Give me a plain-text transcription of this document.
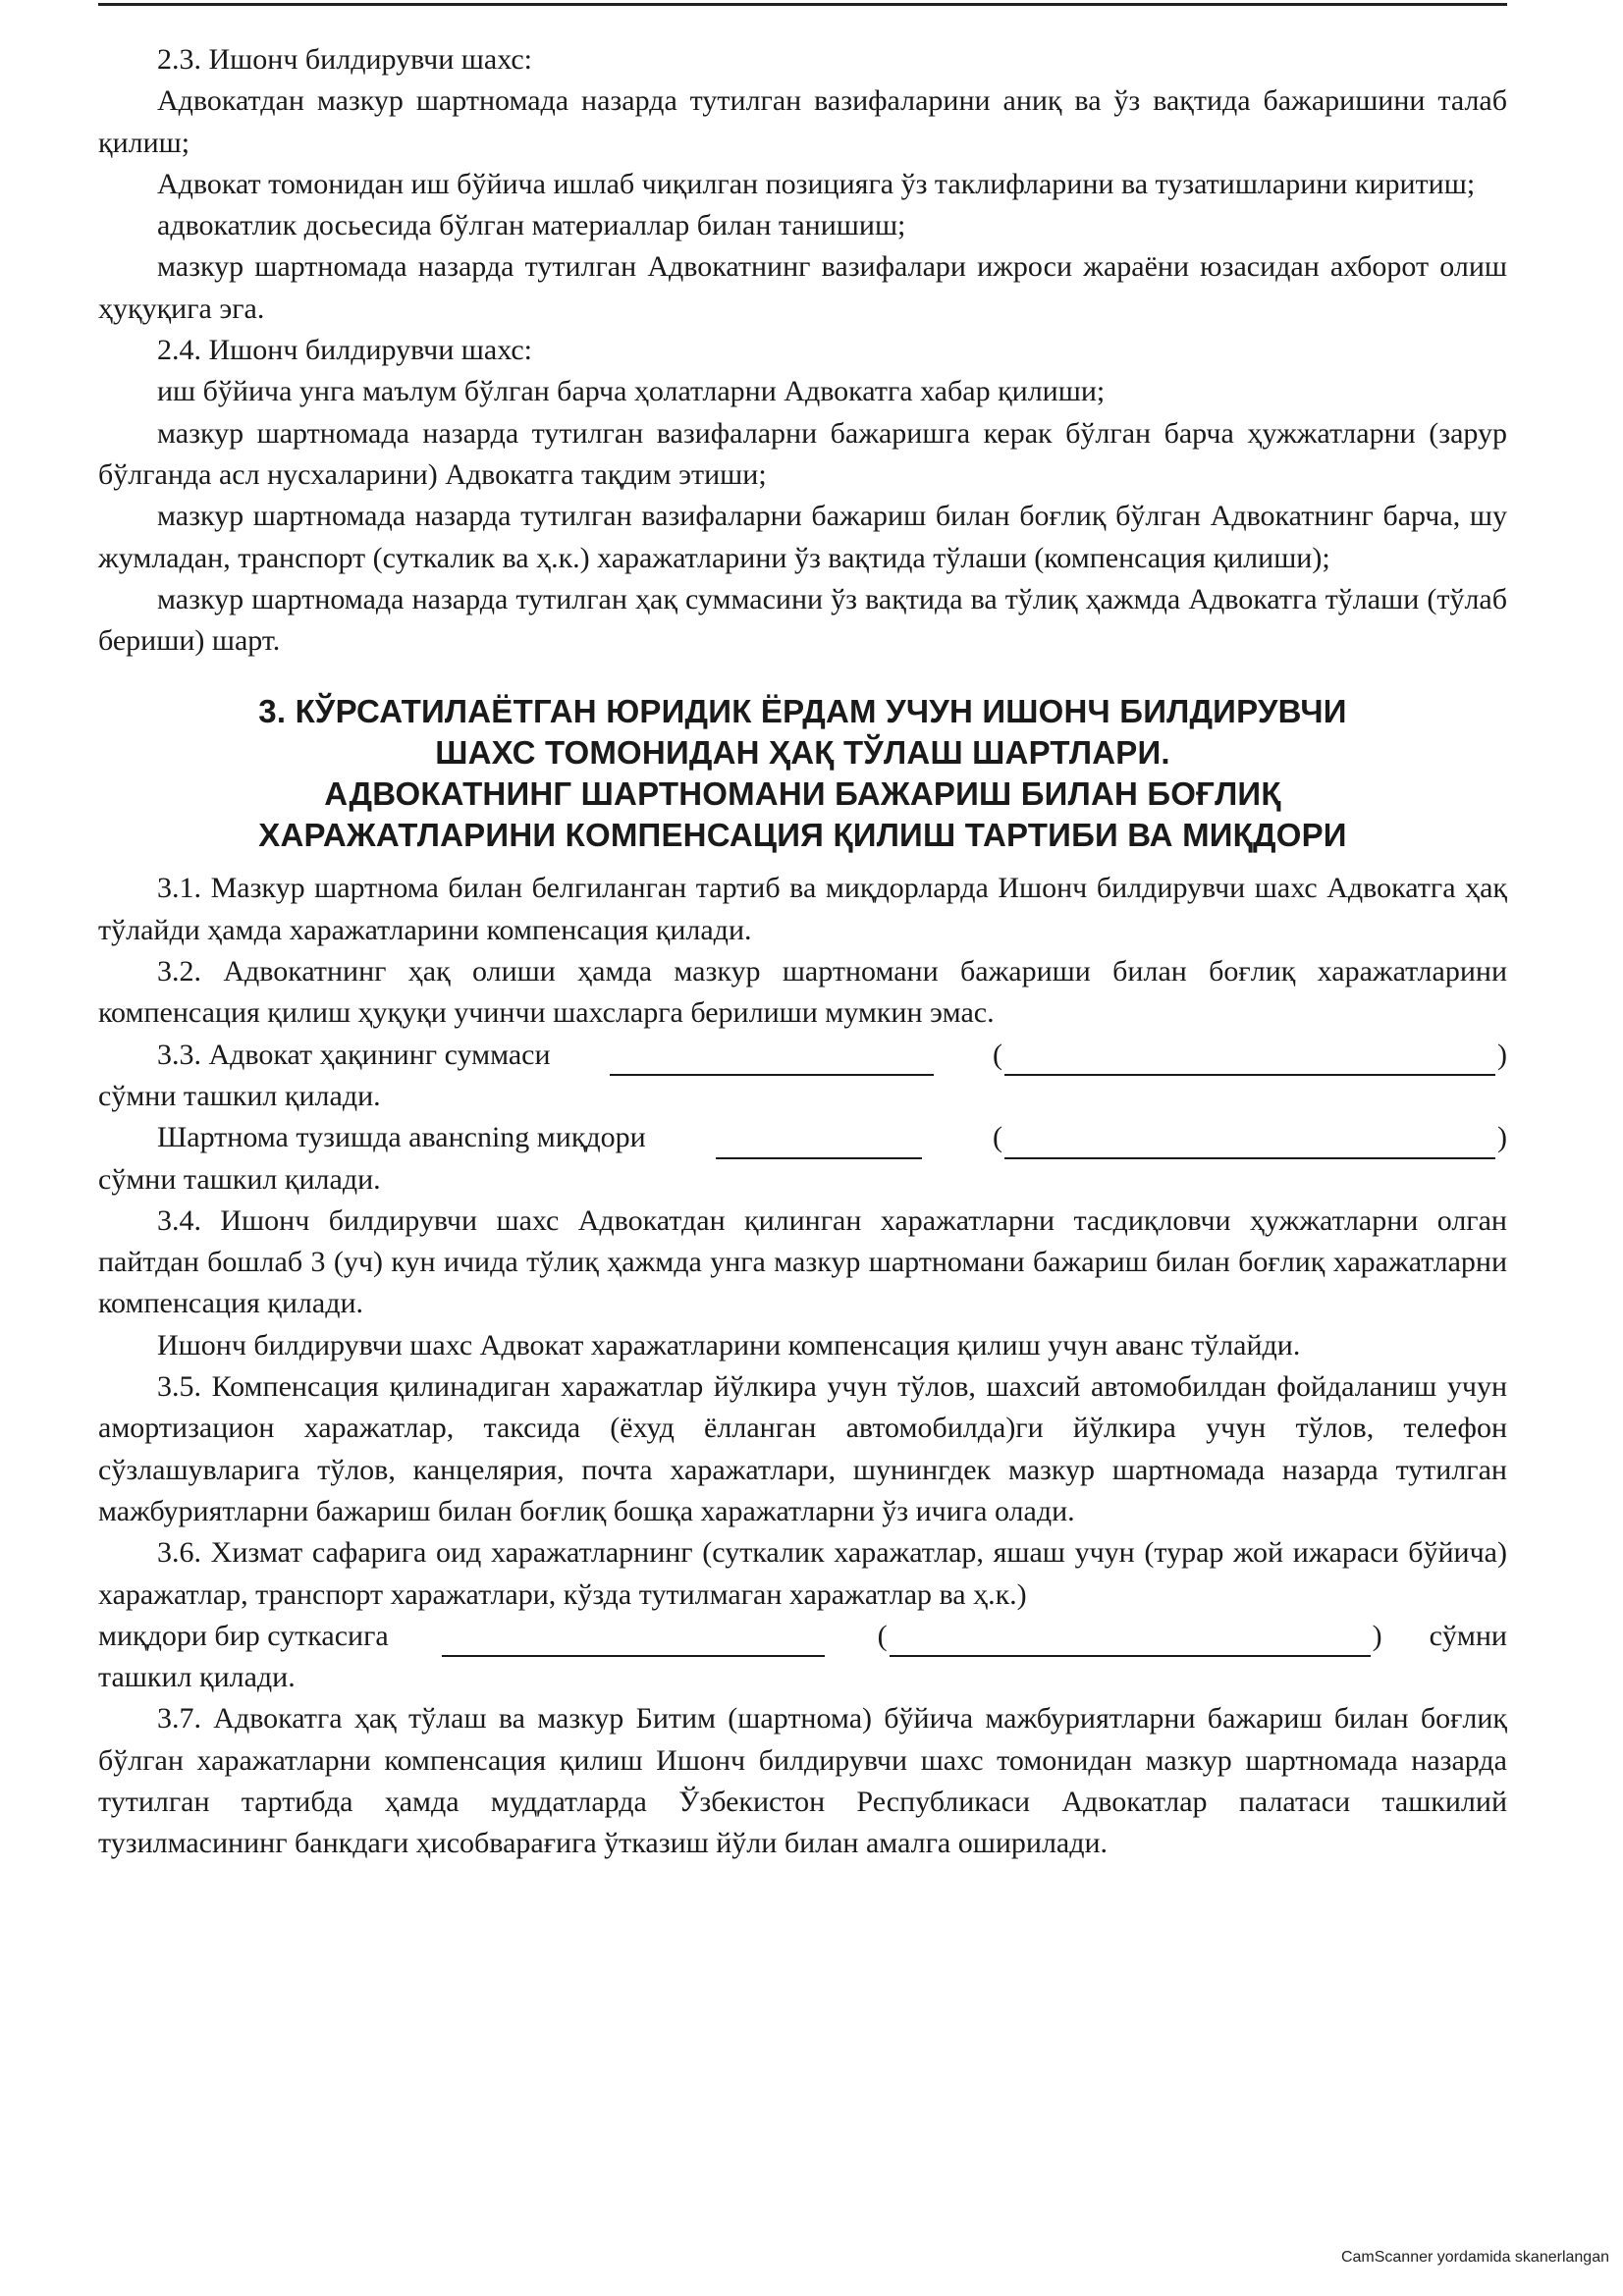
2.3. Ишонч билдирувчи шахс:

Адвокатдан мазкур шартномада назарда тутилган вазифаларини аниқ ва ўз вақтида бажаришини талаб қилиш;

Адвокат томонидан иш бўйича ишлаб чиқилган позицияга ўз таклифларини ва тузатишларини киритиш;

адвокатлик досьесида бўлган материаллар билан танишиш;

мазкур шартномада назарда тутилган Адвокатнинг вазифалари ижроси жараёни юзасидан ахборот олиш ҳуқуқига эга.

2.4. Ишонч билдирувчи шахс:

иш бўйича унга маълум бўлган барча ҳолатларни Адвокатга хабар қилиши;

мазкур шартномада назарда тутилган вазифаларни бажаришга керак бўлган барча ҳужжатларни (зарур бўлганда асл нусхаларини) Адвокатга тақдим этиши;

мазкур шартномада назарда тутилган вазифаларни бажариш билан боғлиқ бўлган Адвокатнинг барча, шу жумладан, транспорт (суткалик ва ҳ.к.) харажатларини ўз вақтида тўлаши (компенсация қилиши);

мазкур шартномада назарда тутилган ҳақ суммасини ўз вақтида ва тўлиқ ҳажмда Адвокатга тўлаши (тўлаб бериши) шарт.

3. КЎРСАТИЛАЁТГАН ЮРИДИК ЁРДАМ УЧУН ИШОНЧ БИЛДИРУВЧИ
ШАХС ТОМОНИДАН ҲАҚ ТЎЛАШ ШАРТЛАРИ.
АДВОКАТНИНГ ШАРТНОМАНИ БАЖАРИШ БИЛАН БОҒЛИҚ
ХАРАЖАТЛАРИНИ КОМПЕНСАЦИЯ ҚИЛИШ ТАРТИБИ ВА МИҚДОРИ

3.1. Мазкур шартнома билан белгиланган тартиб ва миқдорларда Ишонч билдирувчи шахс Адвокатга ҳақ тўлайди ҳамда харажатларини компенсация қилади.

3.2. Адвокатнинг ҳақ олиши ҳамда мазкур шартномани бажариши билан боғлиқ харажатларини компенсация қилиш ҳуқуқи учинчи шахсларга берилиши мумкин эмас.

3.3. Адвокат ҳақининг суммаси	(	)

сўмни ташкил қилади.

Шартнома тузишда авансning миқдори	(	)

сўмни ташкил қилади.

3.4. Ишонч билдирувчи шахс Адвокатдан қилинган харажатларни тасдиқловчи ҳужжатларни олган пайтдан бошлаб 3 (уч) кун ичида тўлиқ ҳажмда унга мазкур шартномани бажариш билан боғлиқ харажатларни компенсация қилади.

Ишонч билдирувчи шахс Адвокат харажатларини компенсация қилиш учун аванс тўлайди.

3.5. Компенсация қилинадиган харажатлар йўлкира учун тўлов, шахсий автомобилдан фойдаланиш учун амортизацион харажатлар, таксида (ёхуд ёлланган автомобилда)ги йўлкира учун тўлов, телефон сўзлашувларига тўлов, канцелярия, почта харажатлари, шунингдек мазкур шартномада назарда тутилган мажбуриятларни бажариш билан боғлиқ бошқа харажатларни ўз ичига олади.

3.6. Хизмат сафарига оид харажатларнинг (суткалик харажатлар, яшаш учун (турар жой ижараси бўйича) харажатлар, транспорт харажатлари, кўзда тутилмаган харажатлар ва ҳ.к.)

миқдори бир суткасига	(	) сўмни

ташкил қилади.

3.7. Адвокатга ҳақ тўлаш ва мазкур Битим (шартнома) бўйича мажбуриятларни бажариш билан боғлиқ бўлган харажатларни компенсация қилиш Ишонч билдирувчи шахс томонидан мазкур шартномада назарда тутилган тартибда ҳамда муддатларда Ўзбекистон Республикаси Адвокатлар палатаси ташкилий тузилмасининг банкдаги ҳисобварағига ўтказиш йўли билан амалга оширилади.

CamScanner yordamida skanerlangan
